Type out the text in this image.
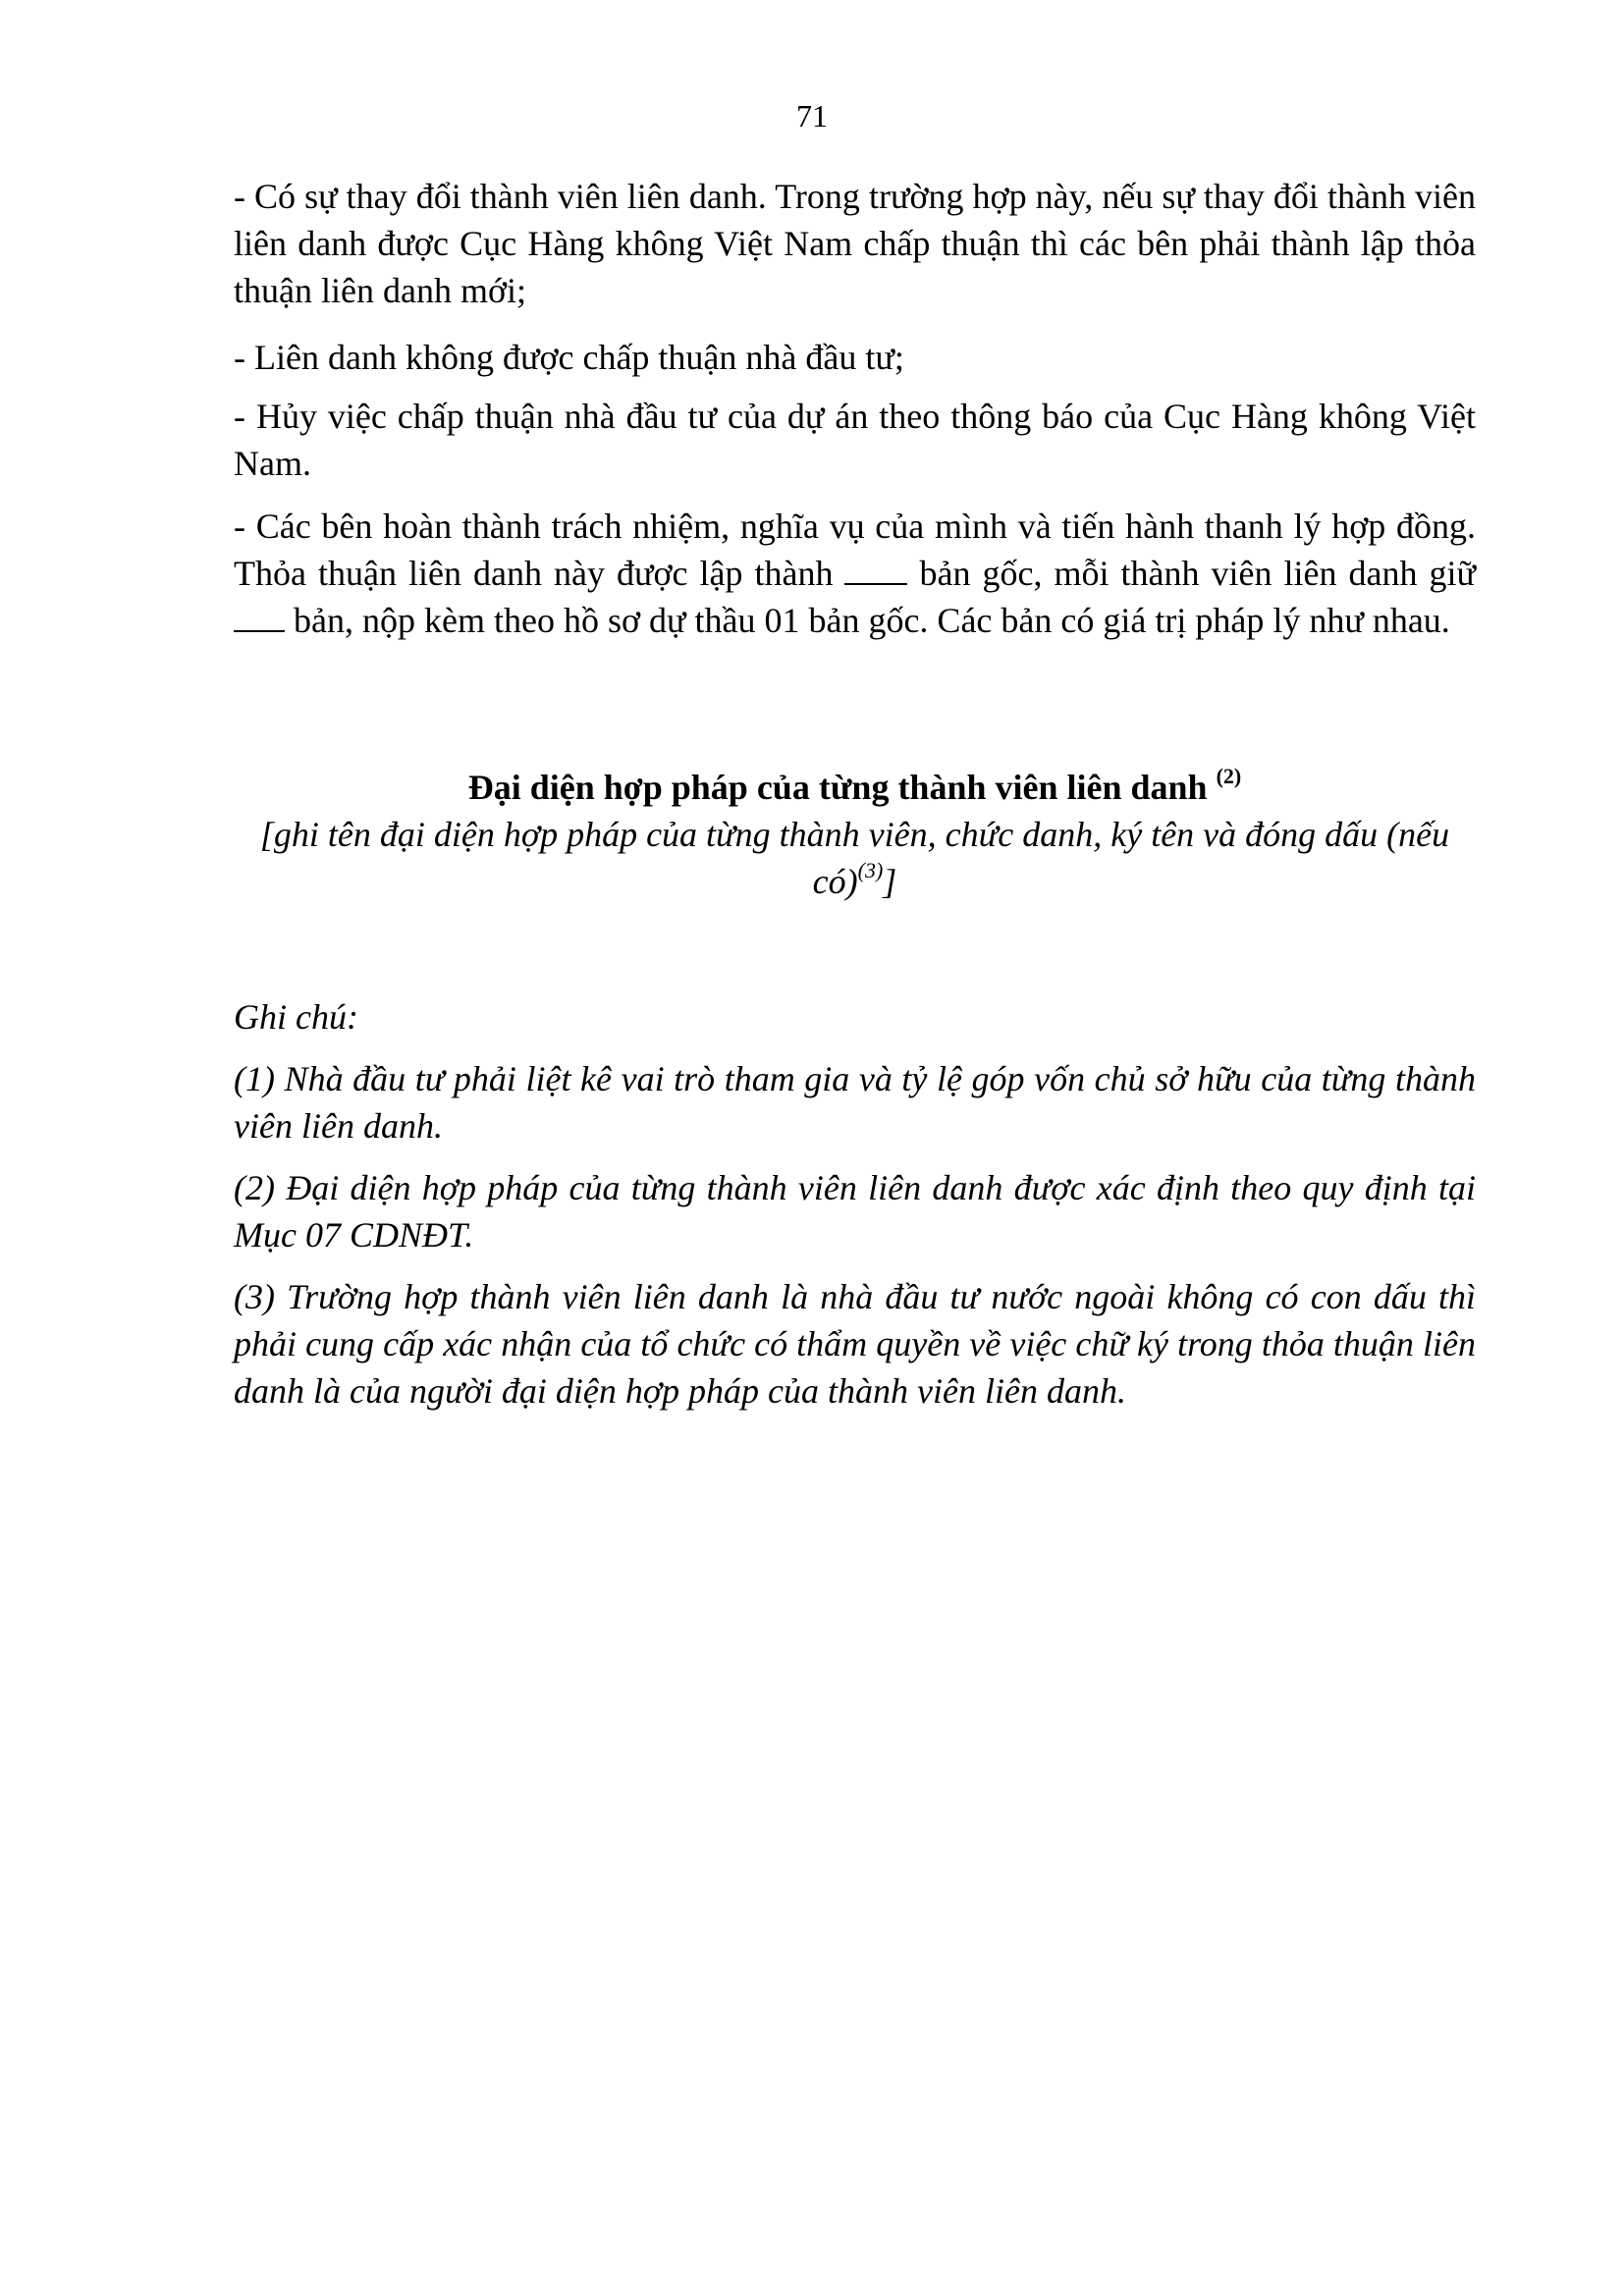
71

- Có sự thay đổi thành viên liên danh. Trong trường hợp này, nếu sự thay đổi thành viên liên danh được Cục Hàng không Việt Nam chấp thuận thì các bên phải thành lập thỏa thuận liên danh mới;

- Liên danh không được chấp thuận nhà đầu tư;

- Hủy việc chấp thuận nhà đầu tư của dự án theo thông báo của Cục Hàng không Việt Nam.

- Các bên hoàn thành trách nhiệm, nghĩa vụ của mình và tiến hành thanh lý hợp đồng. Thỏa thuận liên danh này được lập thành  bản gốc, mỗi thành viên liên danh giữ  bản, nộp kèm theo hồ sơ dự thầu 01 bản gốc. Các bản có giá trị pháp lý như nhau.

Đại diện hợp pháp của từng thành viên liên danh $^{(2)}$
[ghi tên đại diện hợp pháp của từng thành viên, chức danh, ký tên và đóng dấu (nếu có)$^{(3)}$]

Ghi chú:

(1) Nhà đầu tư phải liệt kê vai trò tham gia và tỷ lệ góp vốn chủ sở hữu của từng thành viên liên danh.

(2) Đại diện hợp pháp của từng thành viên liên danh được xác định theo quy định tại Mục 07 CDNĐT.

(3) Trường hợp thành viên liên danh là nhà đầu tư nước ngoài không có con dấu thì phải cung cấp xác nhận của tổ chức có thẩm quyền về việc chữ ký trong thỏa thuận liên danh là của người đại diện hợp pháp của thành viên liên danh.
